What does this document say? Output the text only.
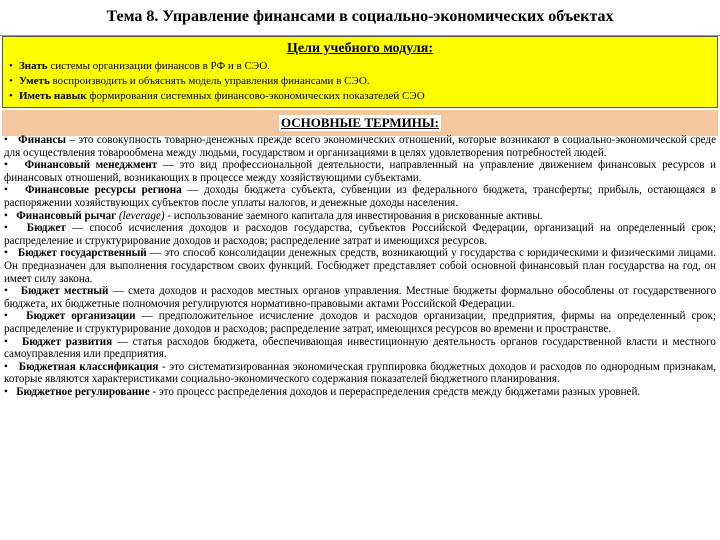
Тема 8. Управление финансами в социально-экономических объектах
Цели учебного модуля:
• Знать системы организации финансов в РФ и в СЭО.
• Уметь воспроизводить и объяснять модель управления финансами в СЭО.
• Иметь навык формирования системных финансово-экономических показателей СЭО
ОСНОВНЫЕ ТЕРМИНЫ:

• Финансы – это совокупность товарно-денежных прежде всего экономических отношений, которые возникают в социально-экономической среде для осуществления товарообмена между людьми, государством и организациями в целях удовлетворения потребностей людей.

• Финансовый менеджмент — это вид профессиональной деятельности, направленный на управление движением финансовых ресурсов и финансовых отношений, возникающих в процессе между хозяйствующими субъектами.

• Финансовые ресурсы региона — доходы бюджета субъекта, субвенции из федерального бюджета, трансферты; прибыль, остающаяся в распоряжении хозяйствующих субъектов после уплаты налогов, и денежные доходы населения.

• Финансовый рычаг (leverage) - использование заемного капитала для инвестирования в рискованные активы.

• Бюджет — способ исчисления доходов и расходов государства, субъектов Российской Федерации, организаций на определенный срок; распределение и структурирование доходов и расходов; распределение затрат и имеющихся ресурсов.

• Бюджет государственный — это способ консолидации денежных средств, возникающий у государства с юридическими и физическими лицами. Он предназначен для выполнения государством своих функций. Госбюджет представляет собой основной финансовый план государства на год, он имеет силу закона.

• Бюджет местный — смета доходов и расходов местных органов управления. Местные бюджеты формально обособлены от государственного бюджета, их бюджетные полномочия регулируются нормативно-правовыми актами Российской Федерации.

• Бюджет организации — предположительное исчисление доходов и расходов организации, предприятия, фирмы на определенный срок; распределение и структурирование доходов и расходов; распределение затрат, имеющихся ресурсов во времени и пространстве.

• Бюджет развития — статья расходов бюджета, обеспечивающая инвестиционную деятельность органов государственной власти и местного самоуправления или предприятия.

• Бюджетная классификация - это систематизированная экономическая группировка бюджетных доходов и расходов по однородным признакам, которые являются характеристиками социально-экономического содержания показателей бюджетного планирования.

• Бюджетное регулирование - это процесс распределения доходов и перераспределения средств между бюджетами разных уровней.
